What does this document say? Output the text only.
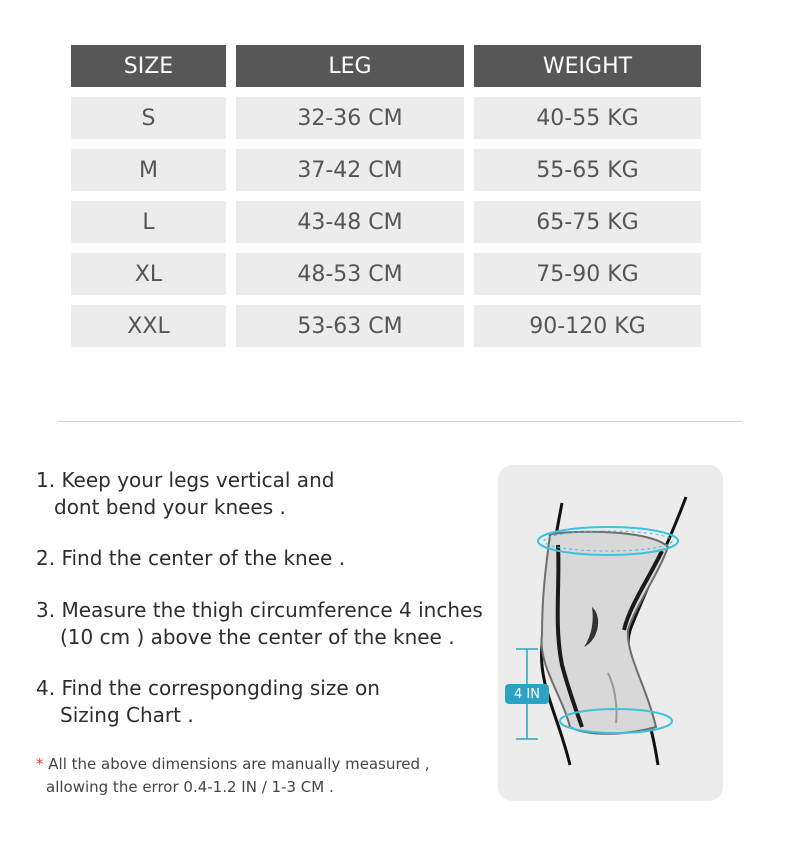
SIZE	LEG	WEIGHT
S	32-36 CM	40-55 KG
M	37-42 CM	55-65 KG
L	43-48 CM	65-75 KG
XL	48-53 CM	75-90 KG
XXL	53-63 CM	90-120 KG
1. Keep your legs vertical and
dont bend your knees .
2. Find the center of the knee .
3. Measure the thigh circumference 4 inches
(10 cm ) above the center of the knee .
4. Find the correspongding size on
Sizing Chart .
* All the above dimensions are manually measured ,
allowing the error 0.4-1.2 IN / 1-3 CM .
4 IN
